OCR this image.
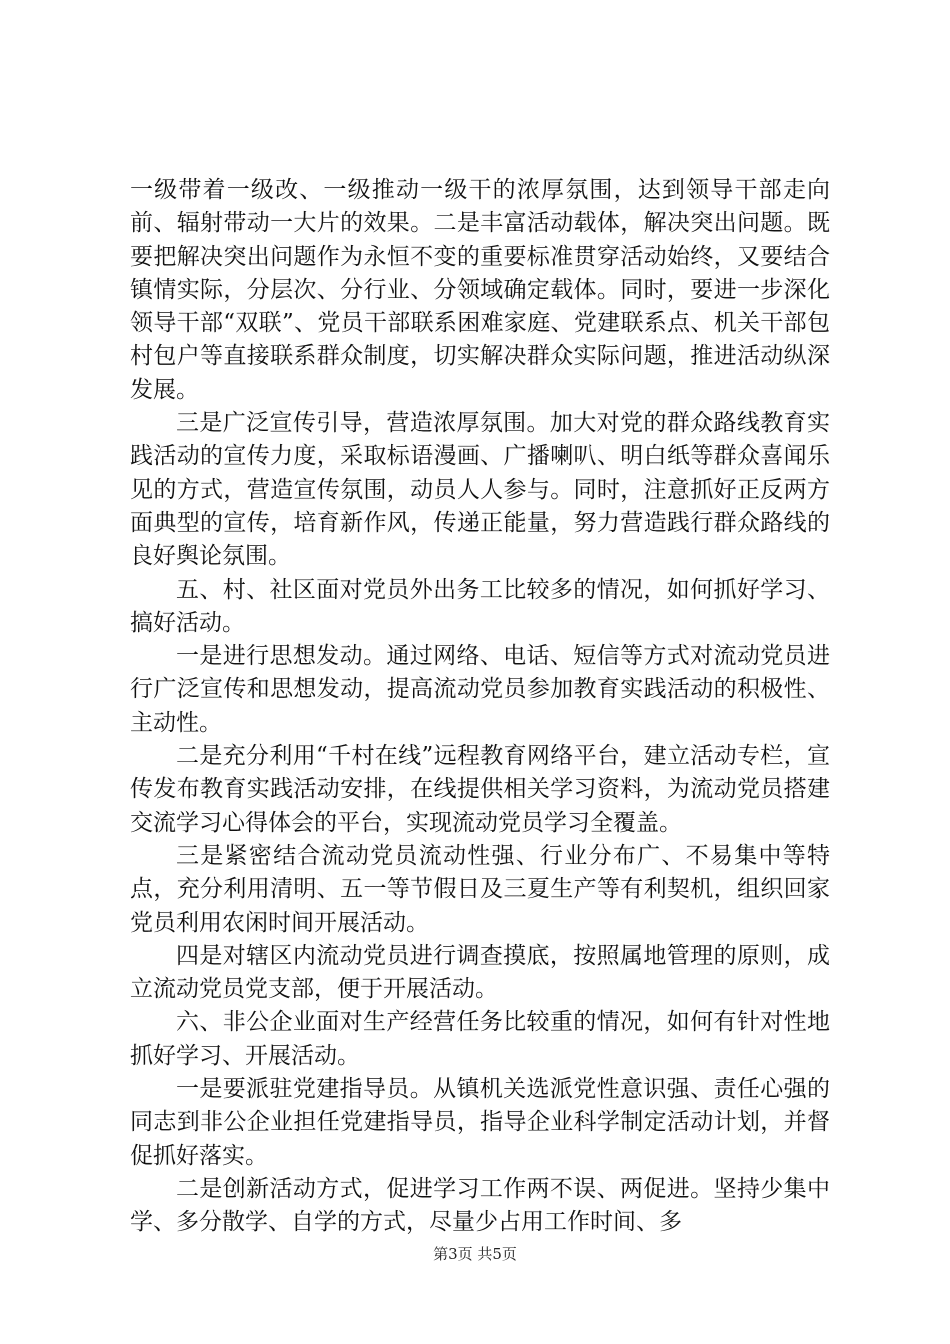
一级带着一级改、一级推动一级干的浓厚氛围，达到领导干部走向前、辐射带动一大片的效果。二是丰富活动载体，解决突出问题。既要把解决突出问题作为永恒不变的重要标准贯穿活动始终，又要结合镇情实际，分层次、分行业、分领域确定载体。同时，要进一步深化领导干部“双联”、党员干部联系困难家庭、党建联系点、机关干部包村包户等直接联系群众制度，切实解决群众实际问题，推进活动纵深发展。

三是广泛宣传引导，营造浓厚氛围。加大对党的群众路线教育实践活动的宣传力度，采取标语漫画、广播喇叭、明白纸等群众喜闻乐见的方式，营造宣传氛围，动员人人参与。同时，注意抓好正反两方面典型的宣传，培育新作风，传递正能量，努力营造践行群众路线的良好舆论氛围。

五、村、社区面对党员外出务工比较多的情况，如何抓好学习、搞好活动。

一是进行思想发动。通过网络、电话、短信等方式对流动党员进行广泛宣传和思想发动，提高流动党员参加教育实践活动的积极性、主动性。

二是充分利用“千村在线”远程教育网络平台，建立活动专栏，宣传发布教育实践活动安排，在线提供相关学习资料，为流动党员搭建交流学习心得体会的平台，实现流动党员学习全覆盖。

三是紧密结合流动党员流动性强、行业分布广、不易集中等特点，充分利用清明、五一等节假日及三夏生产等有利契机，组织回家党员利用农闲时间开展活动。

四是对辖区内流动党员进行调查摸底，按照属地管理的原则，成立流动党员党支部，便于开展活动。

六、非公企业面对生产经营任务比较重的情况，如何有针对性地抓好学习、开展活动。

一是要派驻党建指导员。从镇机关选派党性意识强、责任心强的同志到非公企业担任党建指导员，指导企业科学制定活动计划，并督促抓好落实。

二是创新活动方式，促进学习工作两不误、两促进。坚持少集中学、多分散学、自学的方式，尽量少占用工作时间、多

第3页 共5页
